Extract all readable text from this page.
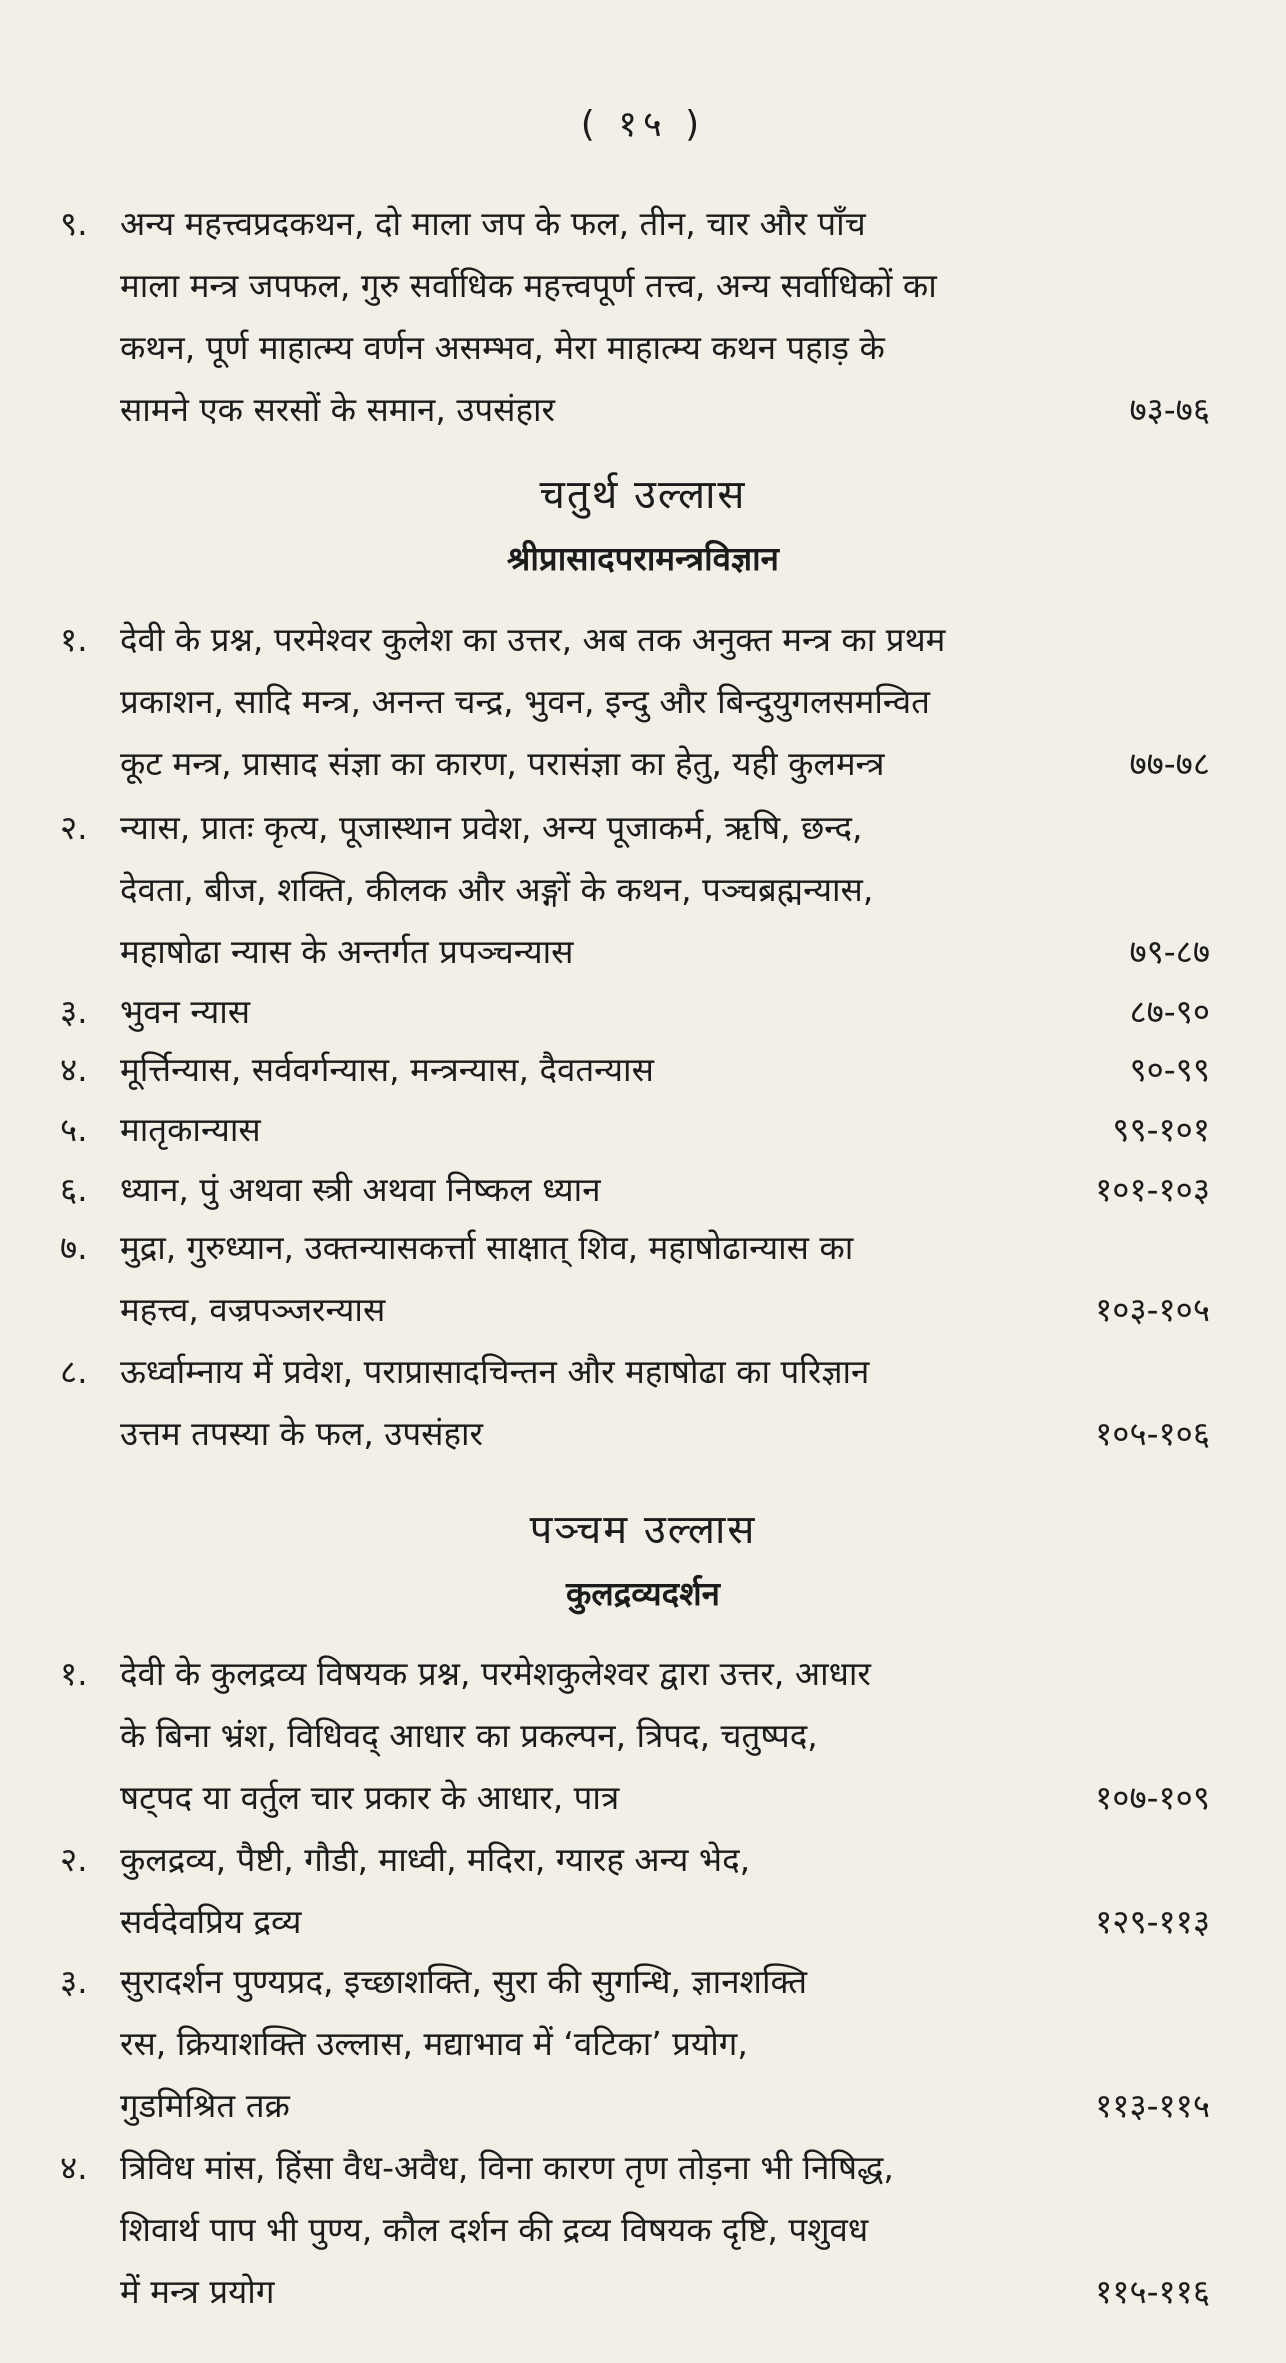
( १५ )
९. अन्य महत्त्वप्रदकथन, दो माला जप के फल, तीन, चार और पाँच
माला मन्त्र जपफल, गुरु सर्वाधिक महत्त्वपूर्ण तत्त्व, अन्य सर्वाधिकों का
कथन, पूर्ण माहात्म्य वर्णन असम्भव, मेरा माहात्म्य कथन पहाड़ के
सामने एक सरसों के समान, उपसंहार	७३-७६
चतुर्थ उल्लास
श्रीप्रासादपरामन्त्रविज्ञान
१. देवी के प्रश्न, परमेश्वर कुलेश का उत्तर, अब तक अनुक्त मन्त्र का प्रथम
प्रकाशन, सादि मन्त्र, अनन्त चन्द्र, भुवन, इन्दु और बिन्दुयुगलसमन्वित
कूट मन्त्र, प्रासाद संज्ञा का कारण, परासंज्ञा का हेतु, यही कुलमन्त्र	७७-७८
२. न्यास, प्रातः कृत्य, पूजास्थान प्रवेश, अन्य पूजाकर्म, ऋषि, छन्द,
देवता, बीज, शक्ति, कीलक और अङ्गों के कथन, पञ्चब्रह्मन्यास,
महाषोढा न्यास के अन्तर्गत प्रपञ्चन्यास	७९-८७
३. भुवन न्यास	८७-९०
४. मूर्त्तिन्यास, सर्ववर्गन्यास, मन्त्रन्यास, दैवतन्यास	९०-९९
५. मातृकान्यास	९९-१०१
६. ध्यान, पुं अथवा स्त्री अथवा निष्कल ध्यान	१०१-१०३
७. मुद्रा, गुरुध्यान, उक्तन्यासकर्त्ता साक्षात् शिव, महाषोढान्यास का
महत्त्व, वज्रपञ्जरन्यास	१०३-१०५
८. ऊर्ध्वाम्नाय में प्रवेश, पराप्रासादचिन्तन और महाषोढा का परिज्ञान
उत्तम तपस्या के फल, उपसंहार	१०५-१०६
पञ्चम उल्लास
कुलद्रव्यदर्शन
१. देवी के कुलद्रव्य विषयक प्रश्न, परमेशकुलेश्वर द्वारा उत्तर, आधार
के बिना भ्रंश, विधिवद् आधार का प्रकल्पन, त्रिपद, चतुष्पद,
षट्पद या वर्तुल चार प्रकार के आधार, पात्र	१०७-१०९
२. कुलद्रव्य, पैष्टी, गौडी, माध्वी, मदिरा, ग्यारह अन्य भेद,
सर्वदेवप्रिय द्रव्य	१२९-११३
३. सुरादर्शन पुण्यप्रद, इच्छाशक्ति, सुरा की सुगन्धि, ज्ञानशक्ति
रस, क्रियाशक्ति उल्लास, मद्याभाव में ‘वटिका’ प्रयोग,
गुडमिश्रित तक्र	११३-११५
४. त्रिविध मांस, हिंसा वैध-अवैध, विना कारण तृण तोड़ना भी निषिद्ध,
शिवार्थ पाप भी पुण्य, कौल दर्शन की द्रव्य विषयक दृष्टि, पशुवध
में मन्त्र प्रयोग	११५-११६
